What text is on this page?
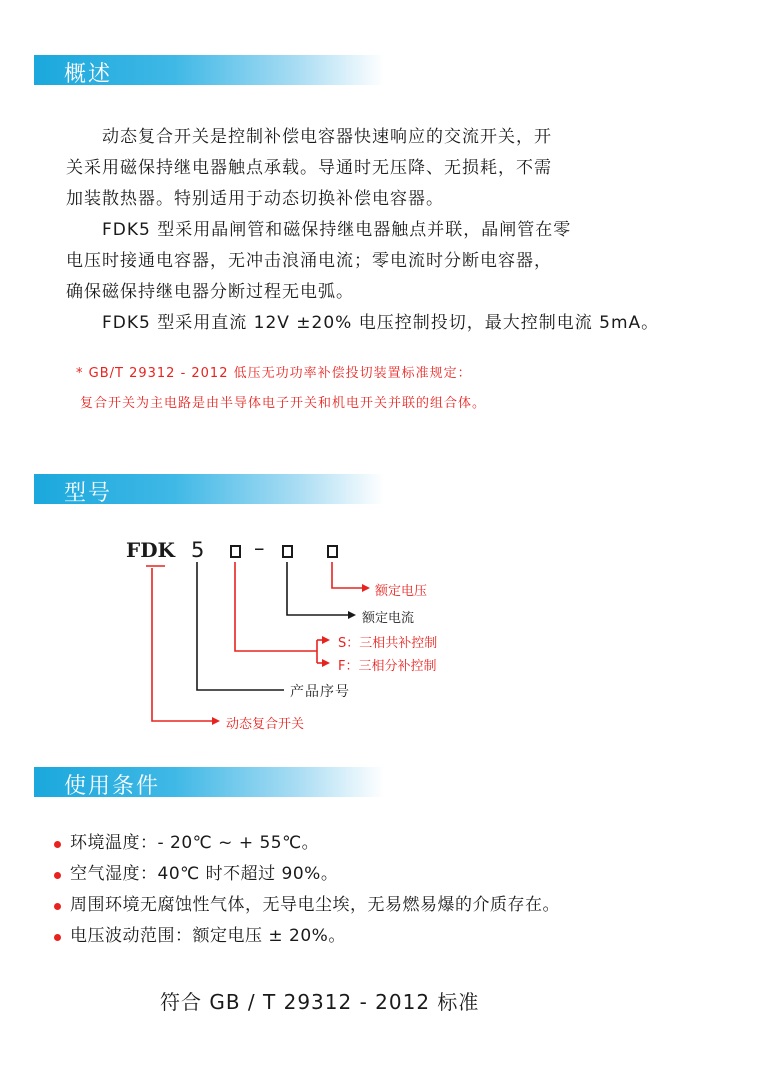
概述
　　动态复合开关是控制补偿电容器快速响应的交流开关，开
关采用磁保持继电器触点承载。导通时无压降、无损耗，不需
加装散热器。特别适用于动态切换补偿电容器。
　　FDK5 型采用晶闸管和磁保持继电器触点并联，晶闸管在零
电压时接通电容器，无冲击浪涌电流；零电流时分断电容器，
确保磁保持继电器分断过程无电弧。
　　FDK5 型采用直流 12V ±20% 电压控制投切，最大控制电流 5mA。
* GB/T 29312 - 2012 低压无功功率补偿投切装置标准规定：
复合开关为主电路是由半导体电子开关和机电开关并联的组合体。
型号
FDK 5 –
额定电压
额定电流
S：三相共补控制
F：三相分补控制
产品序号
动态复合开关
使用条件
环境温度：- 20℃ ~ + 55℃。
空气湿度：40℃ 时不超过 90%。
周围环境无腐蚀性气体，无导电尘埃，无易燃易爆的介质存在。
电压波动范围：额定电压 ± 20%。
符合 GB / T 29312 - 2012 标准
